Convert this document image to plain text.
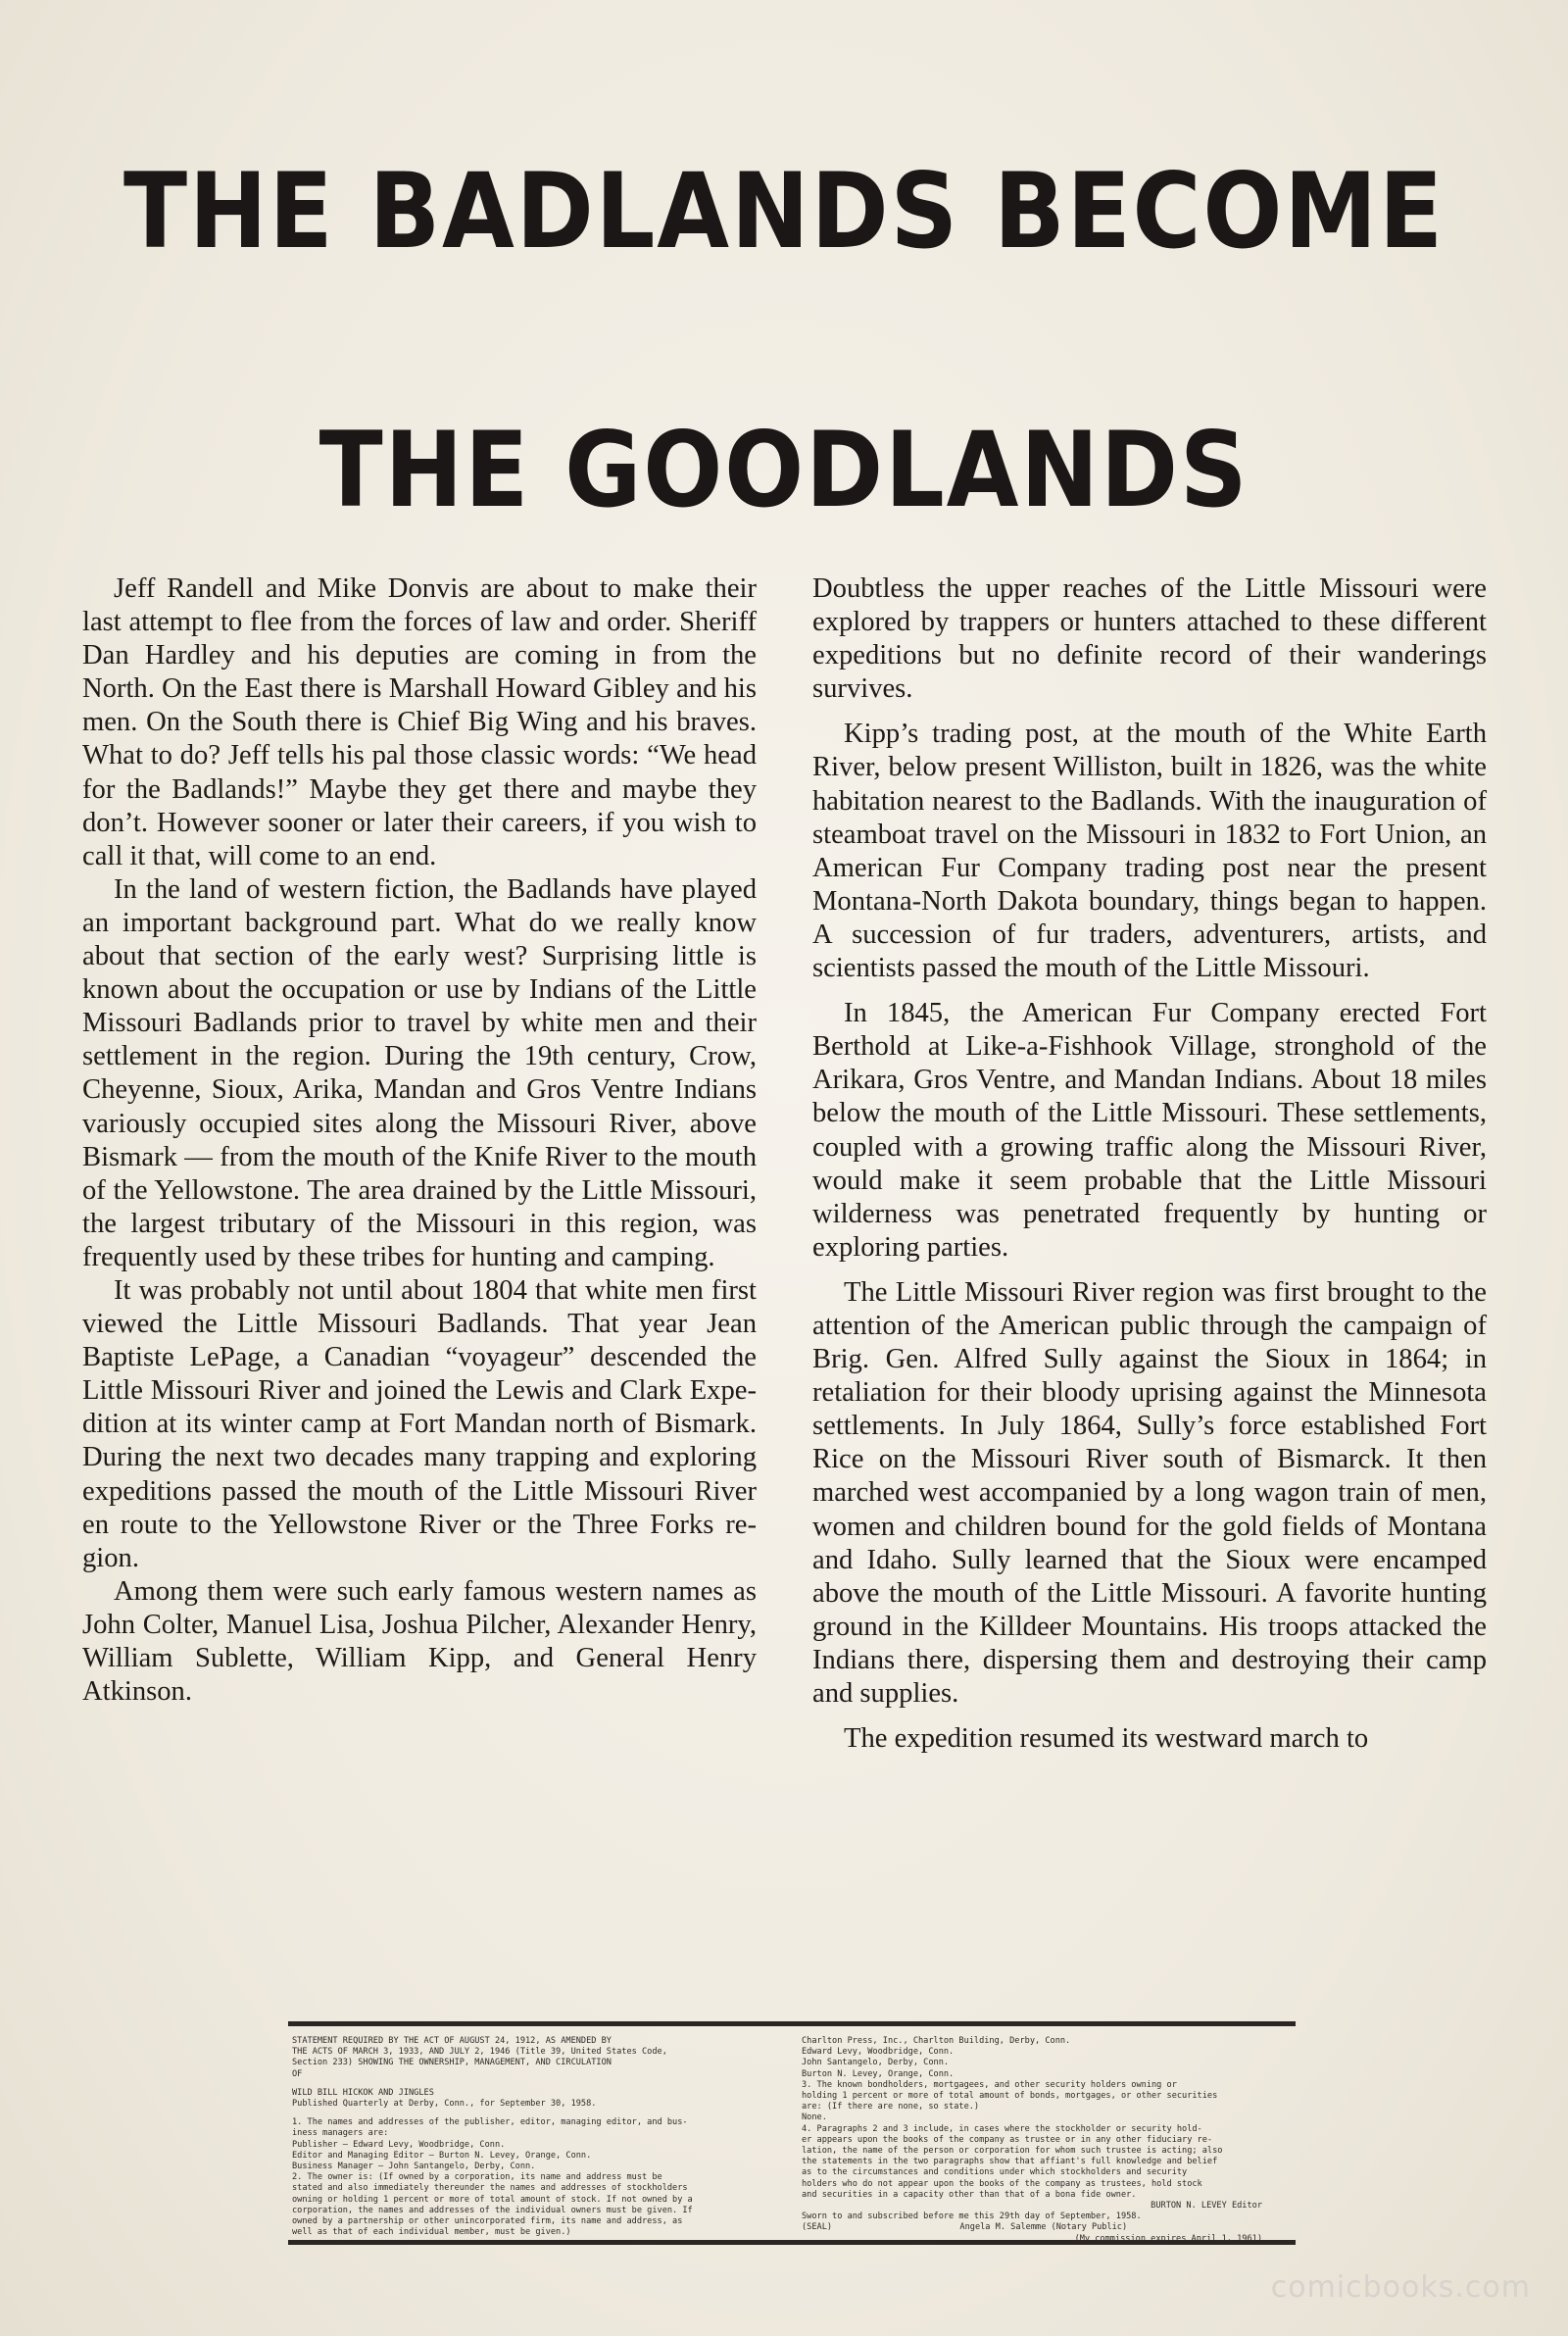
THE BADLANDS BECOME
THE GOODLANDS

Jeff Randell and Mike Donvis are about to make their last attempt to flee from the forces of law and order. Sheriff Dan Hardley and his deputies are coming in from the North. On the East there is Marshall Howard Gibley and his men. On the South there is Chief Big Wing and his braves. What to do? Jeff tells his pal those classic words: “We head for the Badlands!” Maybe they get there and maybe they don’t. However sooner or later their careers, if you wish to call it that, will come to an end.

In the land of western fiction, the Badlands have played an important background part. What do we really know about that section of the early west? Surprising little is known about the occupation or use by Indians of the Little Missouri Badlands prior to travel by white men and their settlement in the region. During the 19th century, Crow, Cheyenne, Sioux, Arika, Mandan and Gros Ventre Indians variously occupied sites along the Missouri River, above Bismark — from the mouth of the Knife River to the mouth of the Yellowstone. The area drained by the Little Missouri, the largest tributary of the Missouri in this region, was frequently used by these tribes for hunting and camping.

It was probably not until about 1804 that white men first viewed the Little Missouri Badlands. That year Jean Baptiste LePage, a Canadian “voyageur” descended the Little Missouri River and joined the Lewis and Clark Expedition at its winter camp at Fort Mandan north of Bismark. During the next two decades many trapping and exploring expeditions passed the mouth of the Little Missouri River en route to the Yellowstone River or the Three Forks region.

Among them were such early famous western names as John Colter, Manuel Lisa, Joshua Pilcher, Alexander Henry, William Sublette, William Kipp, and General Henry Atkinson.

Doubtless the upper reaches of the Little Missouri were explored by trappers or hunters attached to these different expeditions but no definite record of their wanderings survives.

Kipp’s trading post, at the mouth of the White Earth River, below present Williston, built in 1826, was the white habitation nearest to the Badlands. With the inauguration of steamboat travel on the Missouri in 1832 to Fort Union, an American Fur Company trading post near the present Montana-North Dakota boundary, things began to happen. A succession of fur traders, adventurers, artists, and scientists passed the mouth of the Little Missouri.

In 1845, the American Fur Company erected Fort Berthold at Like-a-Fishhook Village, stronghold of the Arikara, Gros Ventre, and Mandan Indians. About 18 miles below the mouth of the Little Missouri. These settlements, coupled with a growing traffic along the Missouri River, would make it seem probable that the Little Missouri wilderness was penetrated frequently by hunting or exploring parties.

The Little Missouri River region was first brought to the attention of the American public through the campaign of Brig. Gen. Alfred Sully against the Sioux in 1864; in retaliation for their bloody uprising against the Minnesota settlements. In July 1864, Sully’s force established Fort Rice on the Missouri River south of Bismarck. It then marched west accompanied by a long wagon train of men, women and children bound for the gold fields of Montana and Idaho. Sully learned that the Sioux were encamped above the mouth of the Little Missouri. A favorite hunting ground in the Killdeer Mountains. His troops attacked the Indians there, dispersing them and destroying their camp and supplies.

The expedition resumed its westward march to

STATEMENT REQUIRED BY THE ACT OF AUGUST 24, 1912, AS AMENDED BY
THE ACTS OF MARCH 3, 1933, AND JULY 2, 1946 (Title 39, United States Code,
Section 233) SHOWING THE OWNERSHIP, MANAGEMENT, AND CIRCULATION
OF
WILD BILL HICKOK AND JINGLES
Published Quarterly at Derby, Conn., for September 30, 1958.
1. The names and addresses of the publisher, editor, managing editor, and bus-
iness managers are:
Publisher — Edward Levy, Woodbridge, Conn.
Editor and Managing Editor — Burton N. Levey, Orange, Conn.
Business Manager — John Santangelo, Derby, Conn.
2. The owner is: (If owned by a corporation, its name and address must be
stated and also immediately thereunder the names and addresses of stockholders
owning or holding 1 percent or more of total amount of stock. If not owned by a
corporation, the names and addresses of the individual owners must be given. If
owned by a partnership or other unincorporated firm, its name and address, as
well as that of each individual member, must be given.)
Charlton Press, Inc., Charlton Building, Derby, Conn.
Edward Levy, Woodbridge, Conn.
John Santangelo, Derby, Conn.
Burton N. Levey, Orange, Conn.
3. The known bondholders, mortgagees, and other security holders owning or
holding 1 percent or more of total amount of bonds, mortgages, or other securities
are: (If there are none, so state.)
None.
4. Paragraphs 2 and 3 include, in cases where the stockholder or security hold-
er appears upon the books of the company as trustee or in any other fiduciary re-
lation, the name of the person or corporation for whom such trustee is acting; also
the statements in the two paragraphs show that affiant's full knowledge and belief
as to the circumstances and conditions under which stockholders and security
holders who do not appear upon the books of the company as trustees, hold stock
and securities in a capacity other than that of a bona fide owner.
BURTON N. LEVEY Editor
Sworn to and subscribed before me this 29th day of September, 1958.
(SEAL)	Angela M. Salemme (Notary Public)
(My commission expires April 1, 1961)
comicbooks.com
